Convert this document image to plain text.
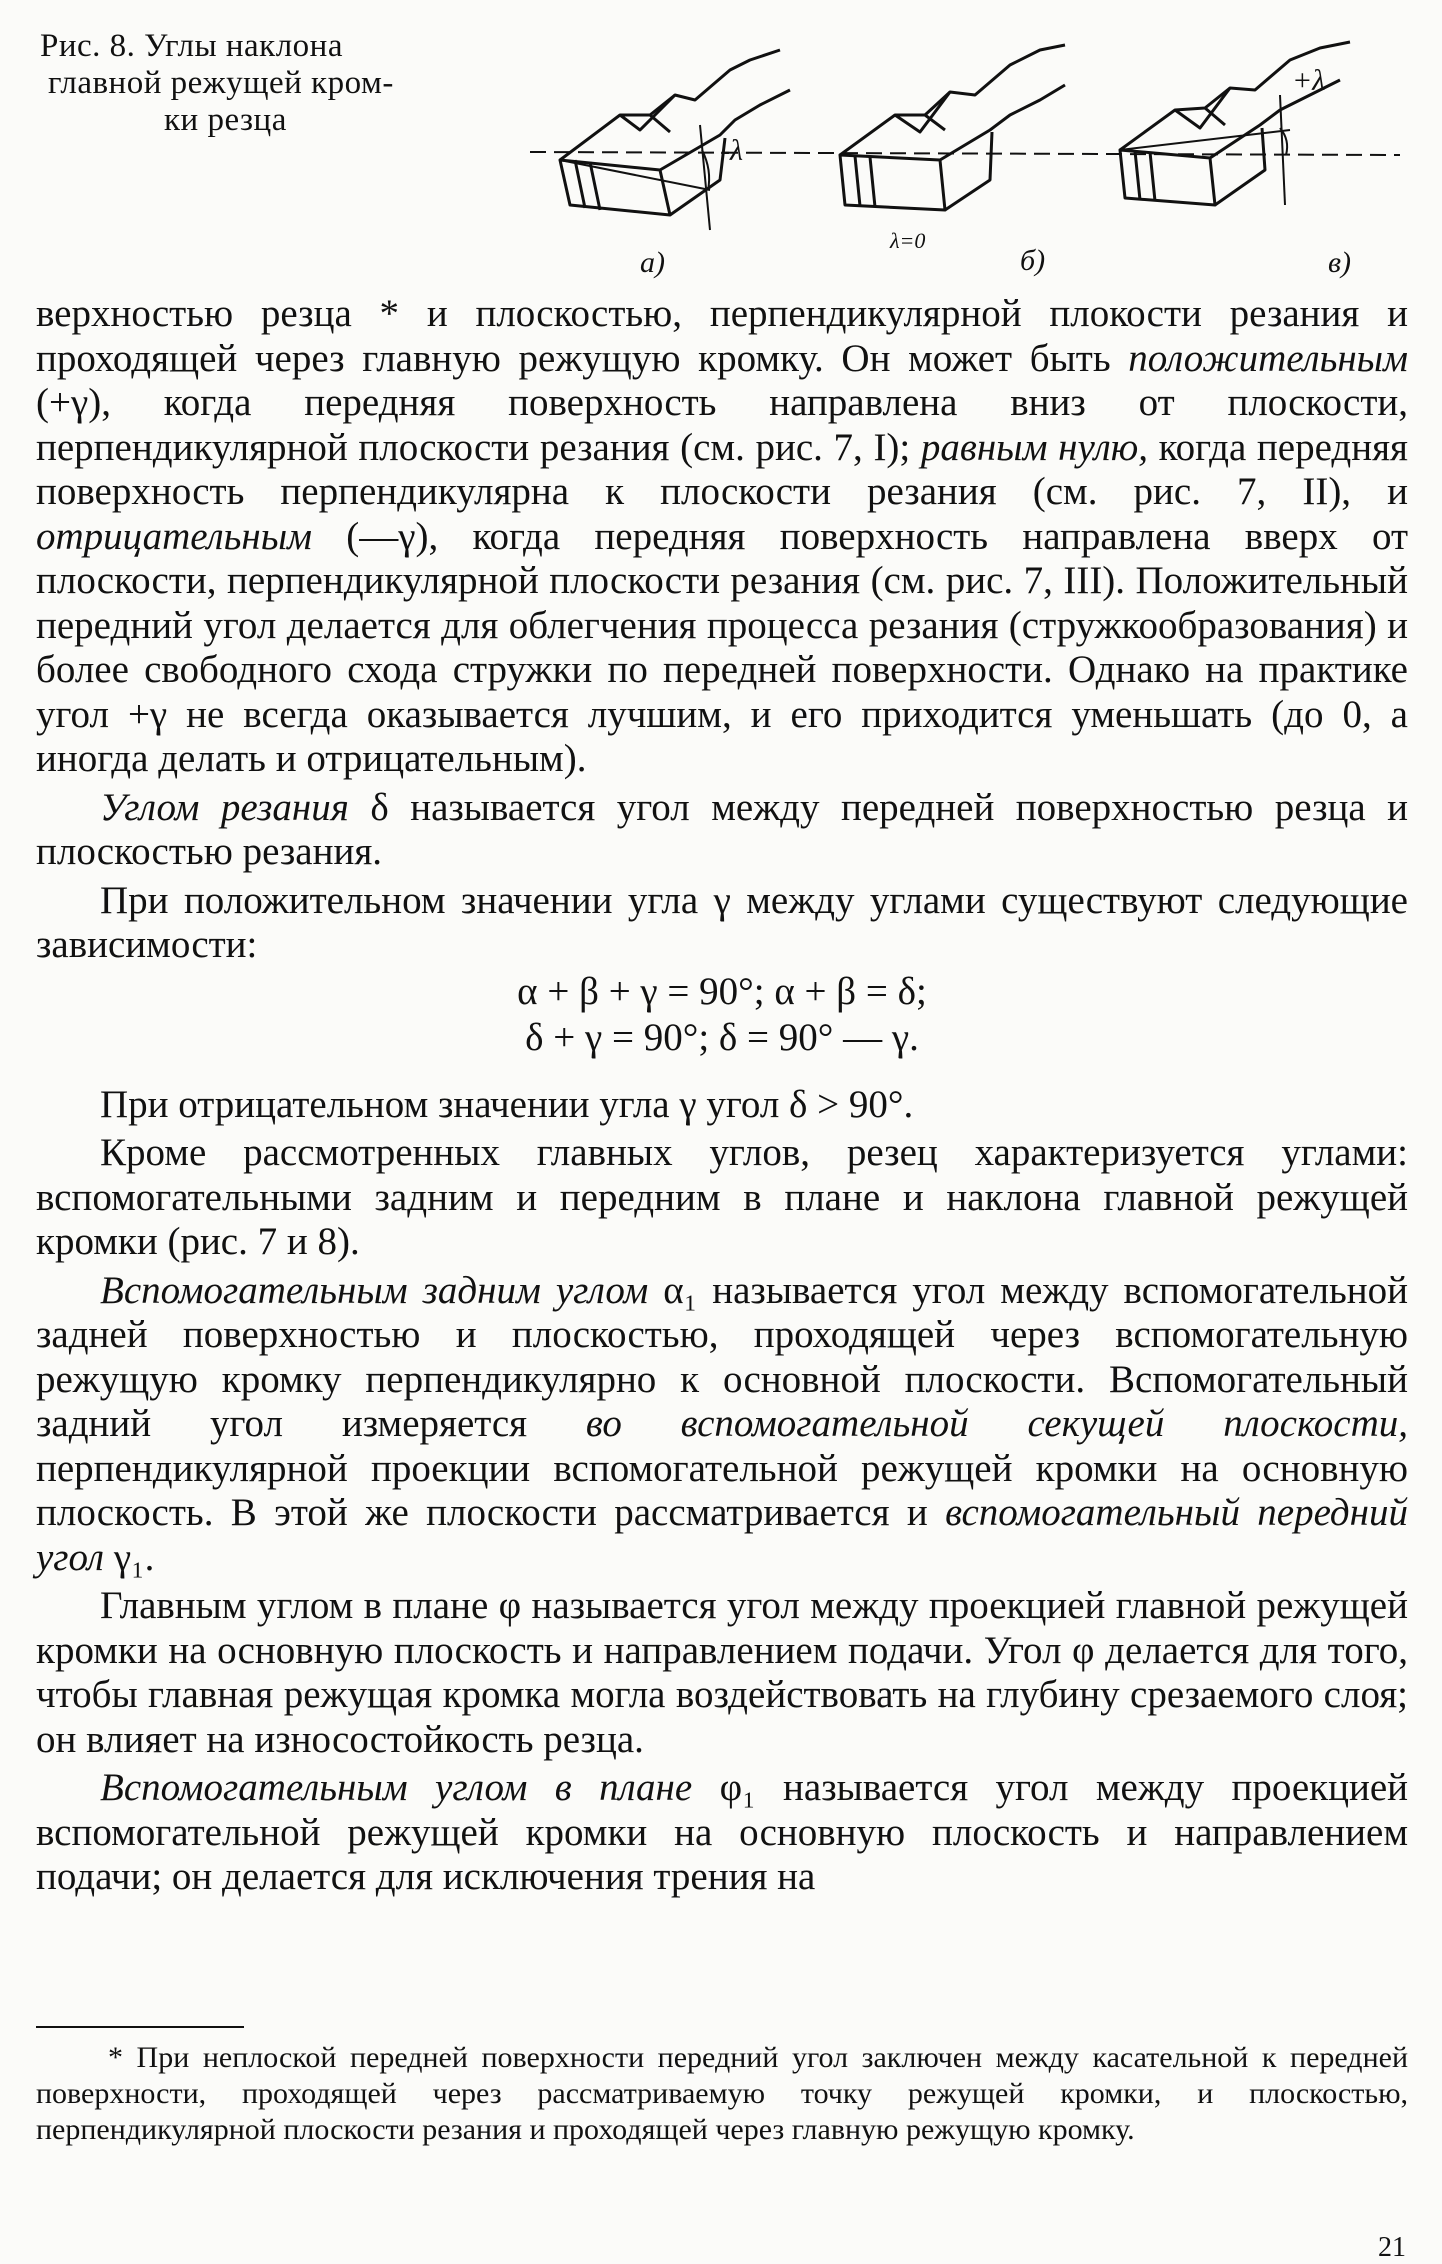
Рис. 8. Углы наклона
главной режущей кром-
ки резца
-λ
λ=0
+λ
а)	б)	в)

верхностью резца * и плоскостью, перпендикулярной плокости резания и проходящей через главную режущую кромку. Он может быть положительным (+γ), когда передняя поверхность направлена вниз от плоскости, перпендикулярной плоскости резания (см. рис. 7, I); равным нулю, когда передняя поверхность перпендикулярна к плоскости резания (см. рис. 7, II), и отрицательным (—γ), когда передняя поверхность направлена вверх от плоскости, перпендикулярной плоскости резания (см. рис. 7, III). Положительный передний угол делается для облегчения процесса резания (стружкообразования) и более свободного схода стружки по передней поверхности. Однако на практике угол +γ не всегда оказывается лучшим, и его приходится уменьшать (до 0, а иногда делать и отрицательным).

Углом резания δ называется угол между передней поверхностью резца и плоскостью резания.

При положительном значении угла γ между углами существуют следующие зависимости:

α + β + γ = 90°; α + β = δ;
δ + γ = 90°; δ = 90° — γ.

При отрицательном значении угла γ угол δ > 90°.

Кроме рассмотренных главных углов, резец характеризуется углами: вспомогательными задним и передним в плане и наклона главной режущей кромки (рис. 7 и 8).

Вспомогательным задним углом α₁ называется угол между вспомогательной задней поверхностью и плоскостью, проходящей через вспомогательную режущую кромку перпендикулярно к основной плоскости. Вспомогательный задний угол измеряется во вспомогательной секущей плоскости, перпендикулярной проекции вспомогательной режущей кромки на основную плоскость. В этой же плоскости рассматривается и вспомогательный передний угол γ₁.

Главным углом в плане φ называется угол между проекцией главной режущей кромки на основную плоскость и направлением подачи. Угол φ делается для того, чтобы главная режущая кромка могла воздействовать на глубину срезаемого слоя; он влияет на износостойкость резца.

Вспомогательным углом в плане φ₁ называется угол между проекцией вспомогательной режущей кромки на основную плоскость и направлением подачи; он делается для исключения трения на

* При неплоской передней поверхности передний угол заключен между касательной к передней поверхности, проходящей через рассматриваемую точку режущей кромки, и плоскостью, перпендикулярной плоскости резания и проходящей через главную режущую кромку.
21
